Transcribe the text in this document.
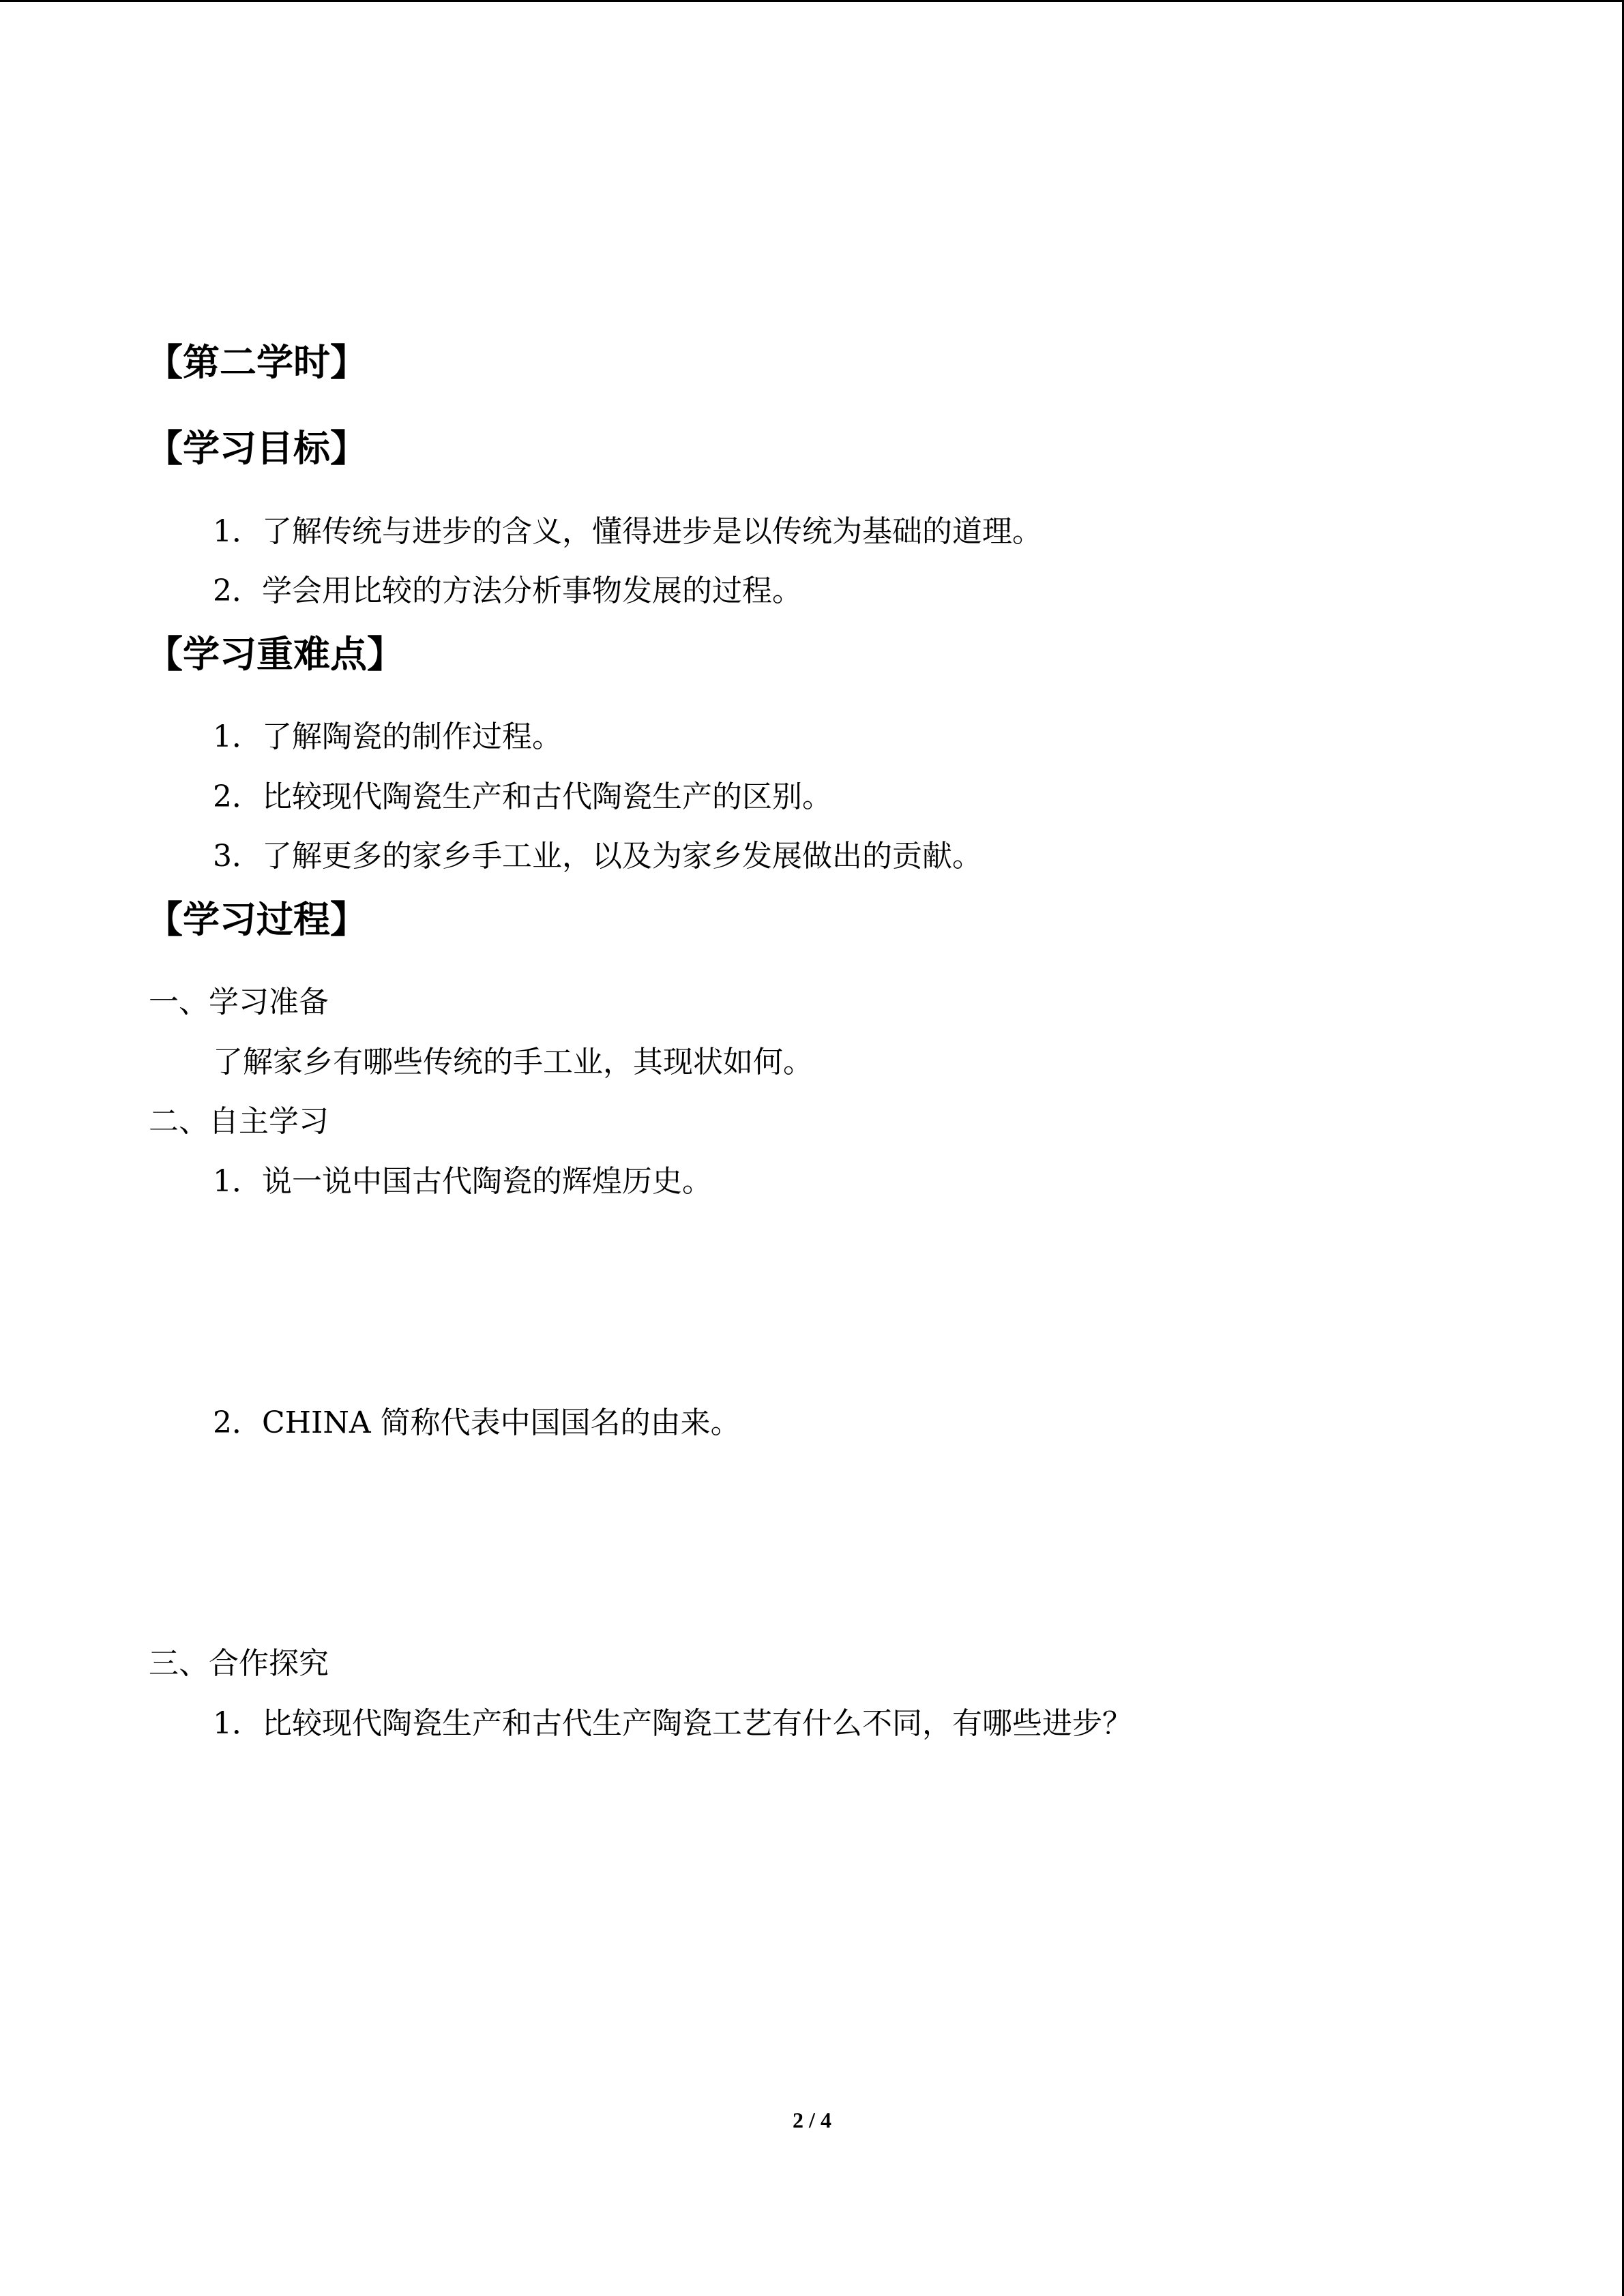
【第二学时】
【学习目标】
1．了解传统与进步的含义，懂得进步是以传统为基础的道理。
2．学会用比较的方法分析事物发展的过程。
【学习重难点】
1．了解陶瓷的制作过程。
2．比较现代陶瓷生产和古代陶瓷生产的区别。
3．了解更多的家乡手工业，以及为家乡发展做出的贡献。
【学习过程】
一、学习准备
了解家乡有哪些传统的手工业，其现状如何。
二、自主学习
1．说一说中国古代陶瓷的辉煌历史。
2．CHINA 简称代表中国国名的由来。
三、合作探究
1．比较现代陶瓷生产和古代生产陶瓷工艺有什么不同，有哪些进步？
2 / 4
